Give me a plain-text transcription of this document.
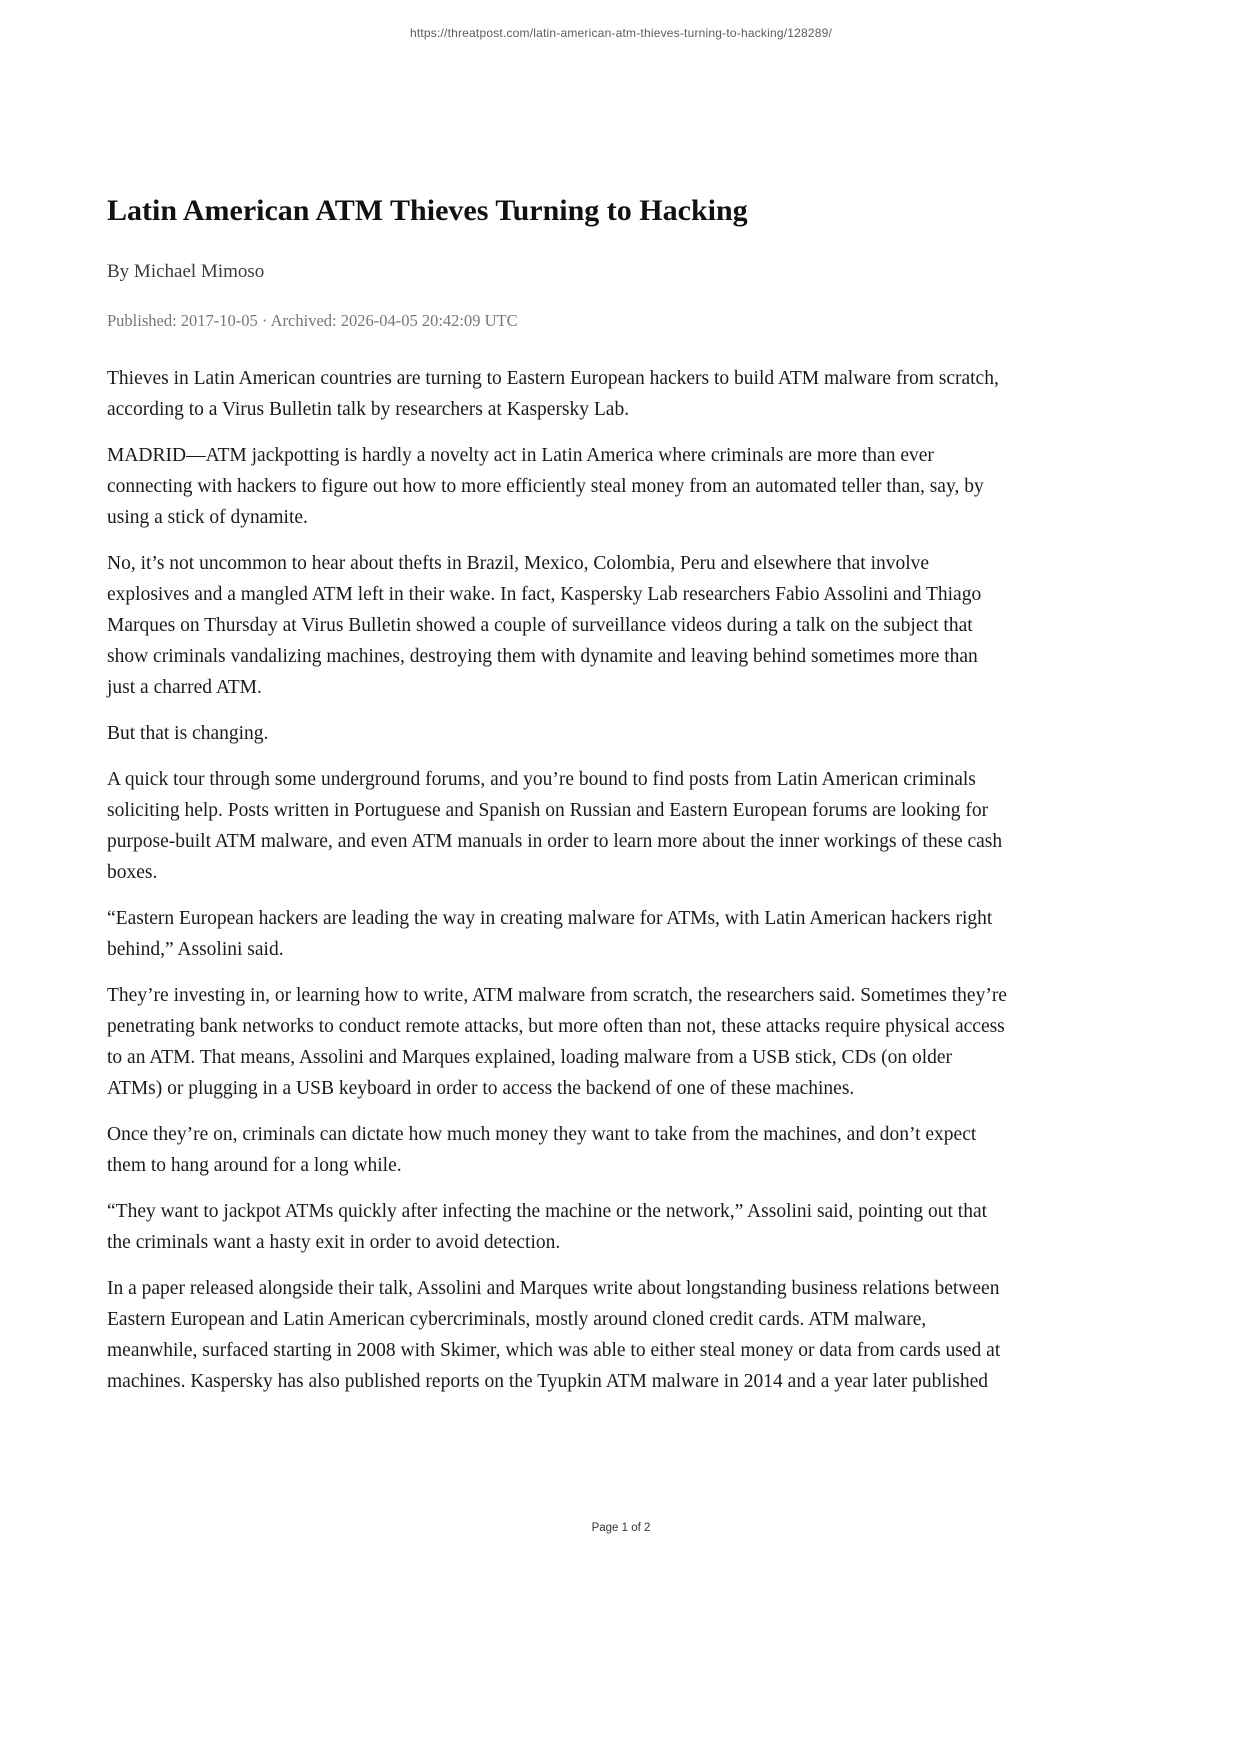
https://threatpost.com/latin-american-atm-thieves-turning-to-hacking/128289/
Latin American ATM Thieves Turning to Hacking

By Michael Mimoso

Published: 2017-10-05 · Archived: 2026-04-05 20:42:09 UTC

Thieves in Latin American countries are turning to Eastern European hackers to build ATM malware from scratch, according to a Virus Bulletin talk by researchers at Kaspersky Lab.

MADRID—ATM jackpotting is hardly a novelty act in Latin America where criminals are more than ever connecting with hackers to figure out how to more efficiently steal money from an automated teller than, say, by using a stick of dynamite.

No, it’s not uncommon to hear about thefts in Brazil, Mexico, Colombia, Peru and elsewhere that involve explosives and a mangled ATM left in their wake. In fact, Kaspersky Lab researchers Fabio Assolini and Thiago Marques on Thursday at Virus Bulletin showed a couple of surveillance videos during a talk on the subject that show criminals vandalizing machines, destroying them with dynamite and leaving behind sometimes more than just a charred ATM.

But that is changing.

A quick tour through some underground forums, and you’re bound to find posts from Latin American criminals soliciting help. Posts written in Portuguese and Spanish on Russian and Eastern European forums are looking for purpose-built ATM malware, and even ATM manuals in order to learn more about the inner workings of these cash boxes.

“Eastern European hackers are leading the way in creating malware for ATMs, with Latin American hackers right behind,” Assolini said.

They’re investing in, or learning how to write, ATM malware from scratch, the researchers said. Sometimes they’re penetrating bank networks to conduct remote attacks, but more often than not, these attacks require physical access to an ATM. That means, Assolini and Marques explained, loading malware from a USB stick, CDs (on older ATMs) or plugging in a USB keyboard in order to access the backend of one of these machines.

Once they’re on, criminals can dictate how much money they want to take from the machines, and don’t expect them to hang around for a long while.

“They want to jackpot ATMs quickly after infecting the machine or the network,” Assolini said, pointing out that the criminals want a hasty exit in order to avoid detection.

In a paper released alongside their talk, Assolini and Marques write about longstanding business relations between Eastern European and Latin American cybercriminals, mostly around cloned credit cards. ATM malware, meanwhile, surfaced starting in 2008 with Skimer, which was able to either steal money or data from cards used at machines. Kaspersky has also published reports on the Tyupkin ATM malware in 2014 and a year later published

Page 1 of 2
